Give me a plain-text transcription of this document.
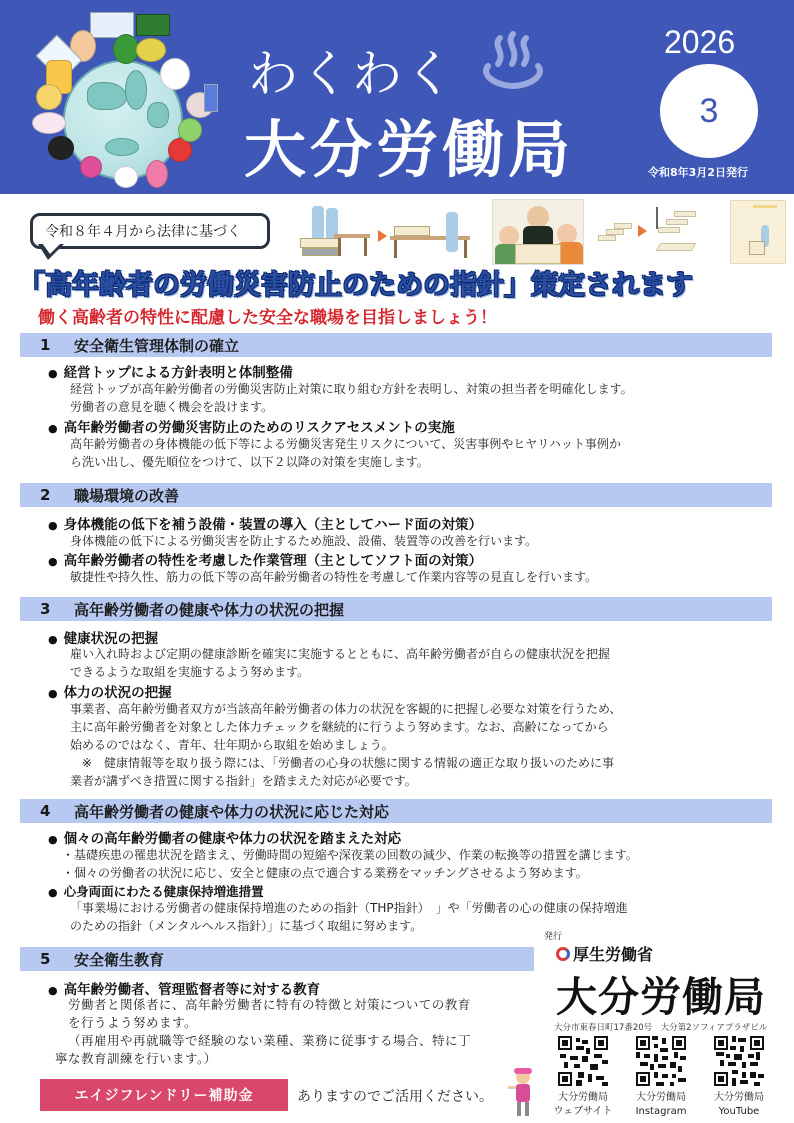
わくわく
大分労働局
2026
3
令和8年3月2日発行
令和８年４月から法律に基づく
「高年齢者の労働災害防止のための指針」策定されます
働く高齢者の特性に配慮した安全な職場を目指しましょう！
1	安全衛生管理体制の確立
● 経営トップによる方針表明と体制整備
経営トップが高年齢労働者の労働災害防止対策に取り組む方針を表明し、対策の担当者を明確化します。
労働者の意見を聴く機会を設けます。
● 高年齢労働者の労働災害防止のためのリスクアセスメントの実施
高年齢労働者の身体機能の低下等による労働災害発生リスクについて、災害事例やヒヤリハット事例か
ら洗い出し、優先順位をつけて、以下２以降の対策を実施します。
2	職場環境の改善
● 身体機能の低下を補う設備・装置の導入（主としてハード面の対策）
身体機能の低下による労働災害を防止するため施設、設備、装置等の改善を行います。
● 高年齢労働者の特性を考慮した作業管理（主としてソフト面の対策）
敏捷性や持久性、筋力の低下等の高年齢労働者の特性を考慮して作業内容等の見直しを行います。
3	高年齢労働者の健康や体力の状況の把握
● 健康状況の把握
雇い入れ時および定期の健康診断を確実に実施するとともに、高年齢労働者が自らの健康状況を把握
できるような取組を実施するよう努めます。
● 体力の状況の把握
事業者、高年齢労働者双方が当該高年齢労働者の体力の状況を客観的に把握し必要な対策を行うため、
主に高年齢労働者を対象とした体力チェックを継続的に行うよう努めます。なお、高齢になってから
始めるのではなく、青年、壮年期から取組を始めましょう。
　※　健康情報等を取り扱う際には、「労働者の心身の状態に関する情報の適正な取り扱いのために事
業者が講ずべき措置に関する指針」を踏まえた対応が必要です。
4	高年齢労働者の健康や体力の状況に応じた対応
● 個々の高年齢労働者の健康や体力の状況を踏まえた対応
・基礎疾患の罹患状況を踏まえ、労働時間の短縮や深夜業の回数の減少、作業の転換等の措置を講じます。
・個々の労働者の状況に応じ、安全と健康の点で適合する業務をマッチングさせるよう努めます。
● 心身両面にわたる健康保持増進措置
「事業場における労働者の健康保持増進のための指針（THP指針）　」や「労働者の心の健康の保持増進
のための指針（メンタルヘルス指針）」に基づく取組に努めます。
5	安全衛生教育
● 高年齢労働者、管理監督者等に対する教育
労働者と関係者に、高年齢労働者に特有の特徴と対策についての教育
を行うよう努めます。
（再雇用や再就職等で経験のない業種、業務に従事する場合、特に丁
寧な教育訓練を行います。）
エイジフレンドリー補助金	ありますのでご活用ください。
発行
厚生労働省
大分労働局
大分市東春日町17番20号　大分第2ソフィアプラザビル
大分労働局
ウェブサイト
大分労働局
Instagram
大分労働局
YouTube
